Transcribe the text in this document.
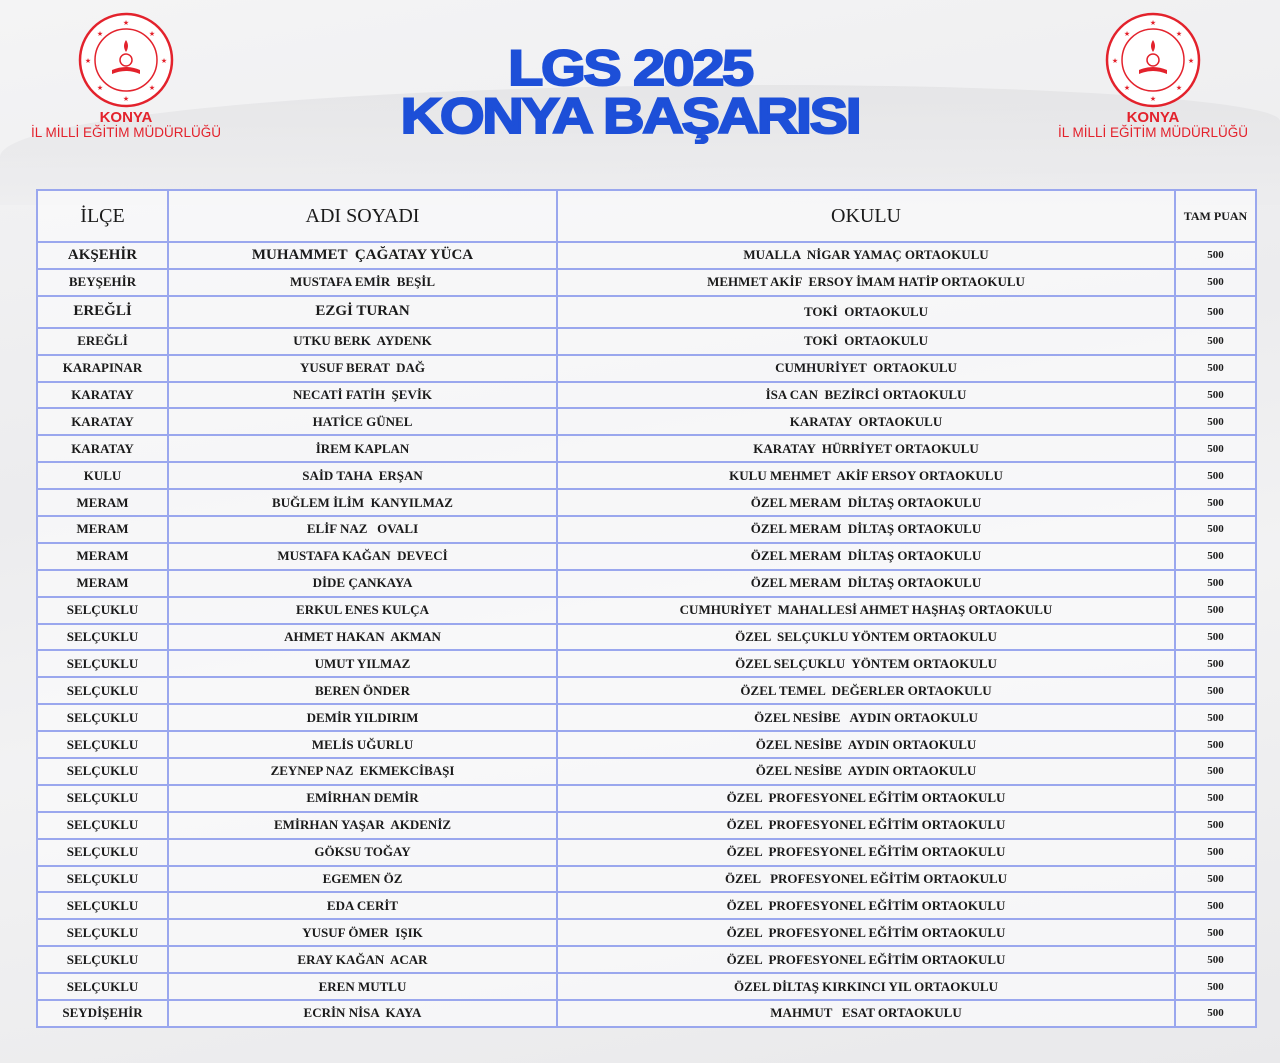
★
★
★	★
★	★
★	★
KONYA
İL MİLLİ EĞİTİM MÜDÜRLÜĞÜ
★
★
★	★
★	★
★	★
KONYA
İL MİLLİ EĞİTİM MÜDÜRLÜĞÜ
LGS 2025
KONYA BAŞARISI
İLÇE	ADI SOYADI	OKULU	TAM PUAN
AKŞEHİR	MUHAMMET  ÇAĞATAY YÜCA	MUALLA  NİGAR YAMAÇ ORTAOKULU	500
BEYŞEHİR	MUSTAFA EMİR  BEŞİL	MEHMET AKİF  ERSOY İMAM HATİP ORTAOKULU	500
EREĞLİ	EZGİ TURAN	TOKİ  ORTAOKULU	500
EREĞLİ	UTKU BERK  AYDENK	TOKİ  ORTAOKULU	500
KARAPINAR	YUSUF BERAT  DAĞ	CUMHURİYET  ORTAOKULU	500
KARATAY	NECATİ FATİH  ŞEVİK	İSA CAN  BEZİRCİ ORTAOKULU	500
KARATAY	HATİCE GÜNEL	KARATAY  ORTAOKULU	500
KARATAY	İREM KAPLAN	KARATAY  HÜRRİYET ORTAOKULU	500
KULU	SAİD TAHA  ERŞAN	KULU MEHMET  AKİF ERSOY ORTAOKULU	500
MERAM	BUĞLEM İLİM  KANYILMAZ	ÖZEL MERAM  DİLTAŞ ORTAOKULU	500
MERAM	ELİF NAZ   OVALI	ÖZEL MERAM  DİLTAŞ ORTAOKULU	500
MERAM	MUSTAFA KAĞAN  DEVECİ	ÖZEL MERAM  DİLTAŞ ORTAOKULU	500
MERAM	DİDE ÇANKAYA	ÖZEL MERAM  DİLTAŞ ORTAOKULU	500
SELÇUKLU	ERKUL ENES KULÇA	CUMHURİYET  MAHALLESİ AHMET HAŞHAŞ ORTAOKULU	500
SELÇUKLU	AHMET HAKAN  AKMAN	ÖZEL  SELÇUKLU YÖNTEM ORTAOKULU	500
SELÇUKLU	UMUT YILMAZ	ÖZEL SELÇUKLU  YÖNTEM ORTAOKULU	500
SELÇUKLU	BEREN ÖNDER	ÖZEL TEMEL  DEĞERLER ORTAOKULU	500
SELÇUKLU	DEMİR YILDIRIM	ÖZEL NESİBE   AYDIN ORTAOKULU	500
SELÇUKLU	MELİS UĞURLU	ÖZEL NESİBE  AYDIN ORTAOKULU	500
SELÇUKLU	ZEYNEP NAZ  EKMEKCİBAŞI	ÖZEL NESİBE  AYDIN ORTAOKULU	500
SELÇUKLU	EMİRHAN DEMİR	ÖZEL  PROFESYONEL EĞİTİM ORTAOKULU	500
SELÇUKLU	EMİRHAN YAŞAR  AKDENİZ	ÖZEL  PROFESYONEL EĞİTİM ORTAOKULU	500
SELÇUKLU	GÖKSU TOĞAY	ÖZEL  PROFESYONEL EĞİTİM ORTAOKULU	500
SELÇUKLU	EGEMEN ÖZ	ÖZEL   PROFESYONEL EĞİTİM ORTAOKULU	500
SELÇUKLU	EDA CERİT	ÖZEL  PROFESYONEL EĞİTİM ORTAOKULU	500
SELÇUKLU	YUSUF ÖMER  IŞIK	ÖZEL  PROFESYONEL EĞİTİM ORTAOKULU	500
SELÇUKLU	ERAY KAĞAN  ACAR	ÖZEL  PROFESYONEL EĞİTİM ORTAOKULU	500
SELÇUKLU	EREN MUTLU	ÖZEL DİLTAŞ KIRKINCI YIL ORTAOKULU	500
SEYDİŞEHİR	ECRİN NİSA  KAYA	MAHMUT   ESAT ORTAOKULU	500
